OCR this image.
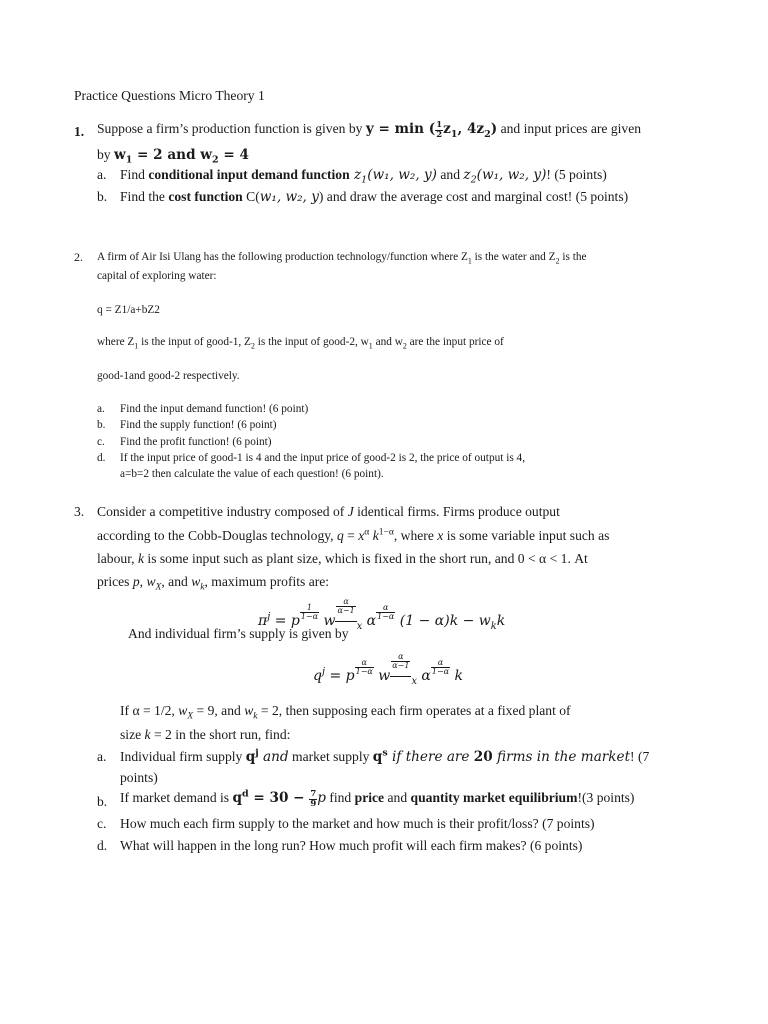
Practice Questions Micro Theory 1
1. Suppose a firm’s production function is given by y = min ( $\frac{1}{2} z_1$, $4z_2$) and input prices are given
by $w_1 = 2$ and $w_2 = 4$
a. Find conditional input demand function $z_1(w_1$, w₂, y) and $z_2(w_1$, w₂, y)! (5 points)
b. Find the cost function C(w₁, w₂, y) and draw the average cost and marginal cost! (5 points)
2. A firm of Air Isi Ulang has the following production technology/function where $Z_1$ is the water and $Z_2$ is the
capital of exploring water:
q = Z1/a+bZ2
where $Z_1$ is the input of good-1, $Z_2$ is the input of good-2, $w_1$ and $w_2$ are the input price of
good-1and good-2 respectively.
a. Find the input demand function! (6 point)
b. Find the supply function! (6 point)
c. Find the profit function! (6 point)
d. If the input price of good-1 is 4 and the input price of good-2 is 2, the price of output is 4,
a=b=2 then calculate the value of each question! (6 point).
3. Consider a competitive industry composed of J identical firms. Firms produce output
according to the Cobb-Douglas technology, $q = x^\alpha$ $k^{1-\alpha}$, where x is some variable input such as
labour, k is some input such as plant size, which is fixed in the short run, and 0 < α < 1. At
prices p, $w_X$, and $w_k$, maximum profits are:
$\pi^j = p \frac{1}{1-\alpha}$ w
$\frac{\alpha}{\alpha-1}$
$_x$ α $\frac{\alpha}{1-\alpha} (1 - \alpha)k - w_kk$
And individual firm’s supply is given by
$q^j = p \frac{\alpha}{1-\alpha}$ w
$\frac{\alpha}{\alpha-1}$
$_x$ α $\frac{\alpha}{1-\alpha}$ k
If α = 1/2, $w_X = 9$, and $w_k = 2$, then supposing each firm operates at a fixed plant of
size k = 2 in the short run, find:
a. Individual firm supply $q^j$ and market supply $q^s$ if there are 20 firms in the market! (7
points)
b. If market demand is $q^d = 30 - \frac{7}{9}$ p find price and quantity market equilibrium!(3 points)
c. How much each firm supply to the market and how much is their profit/loss? (7 points)
d. What will happen in the long run? How much profit will each firm makes? (6 points)
